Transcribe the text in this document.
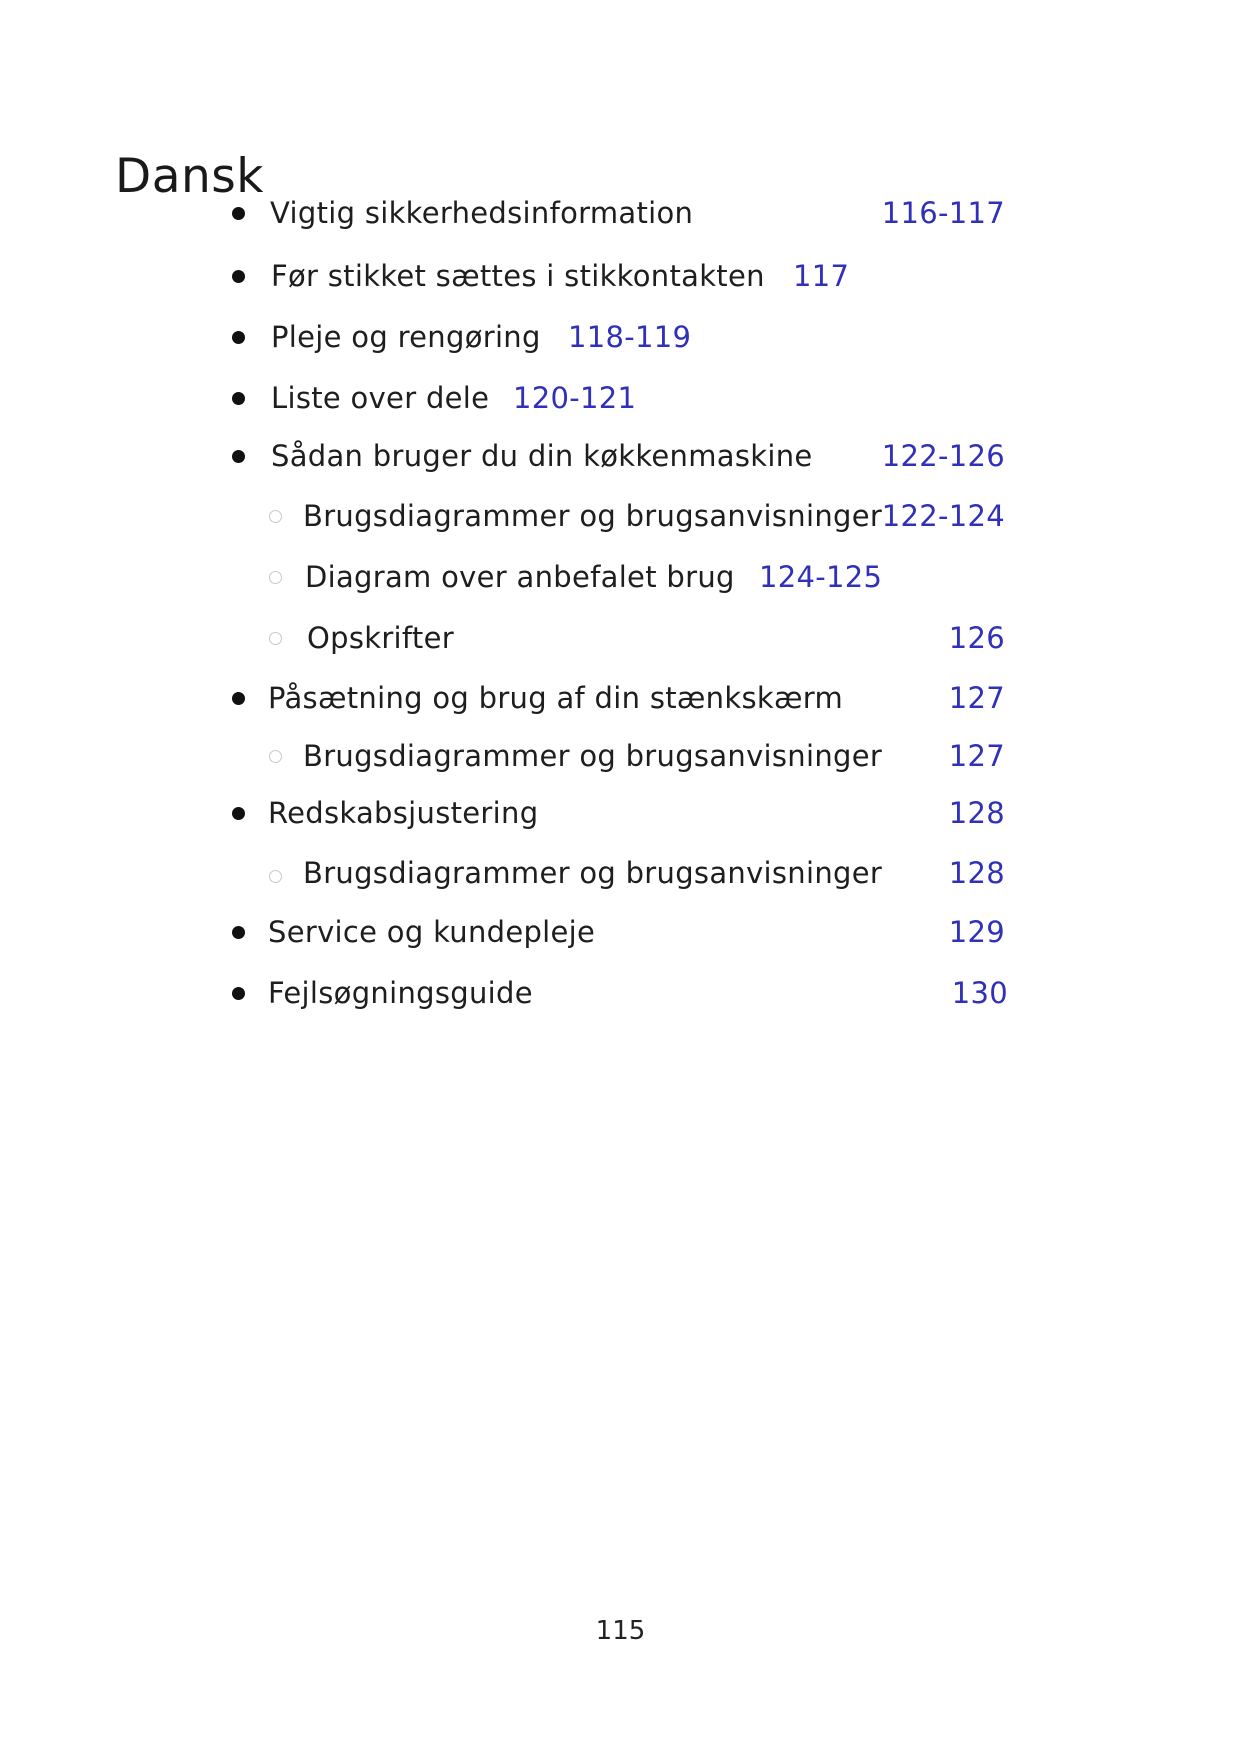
Dansk
Vigtig sikkerhedsinformation	116-117
Før stikket sættes i stikkontakten 117
Pleje og rengøring 118-119
Liste over dele 120-121
Sådan bruger du din køkkenmaskine 122-126
Brugsdiagrammer og brugsanvisninger 122-124
Diagram over anbefalet brug 124-125
Opskrifter	126
Påsætning og brug af din stænkskærm	127
Brugsdiagrammer og brugsanvisninger 127
Redskabsjustering	128
Brugsdiagrammer og brugsanvisninger 128
Service og kundepleje	129
Fejlsøgningsguide	130
115
